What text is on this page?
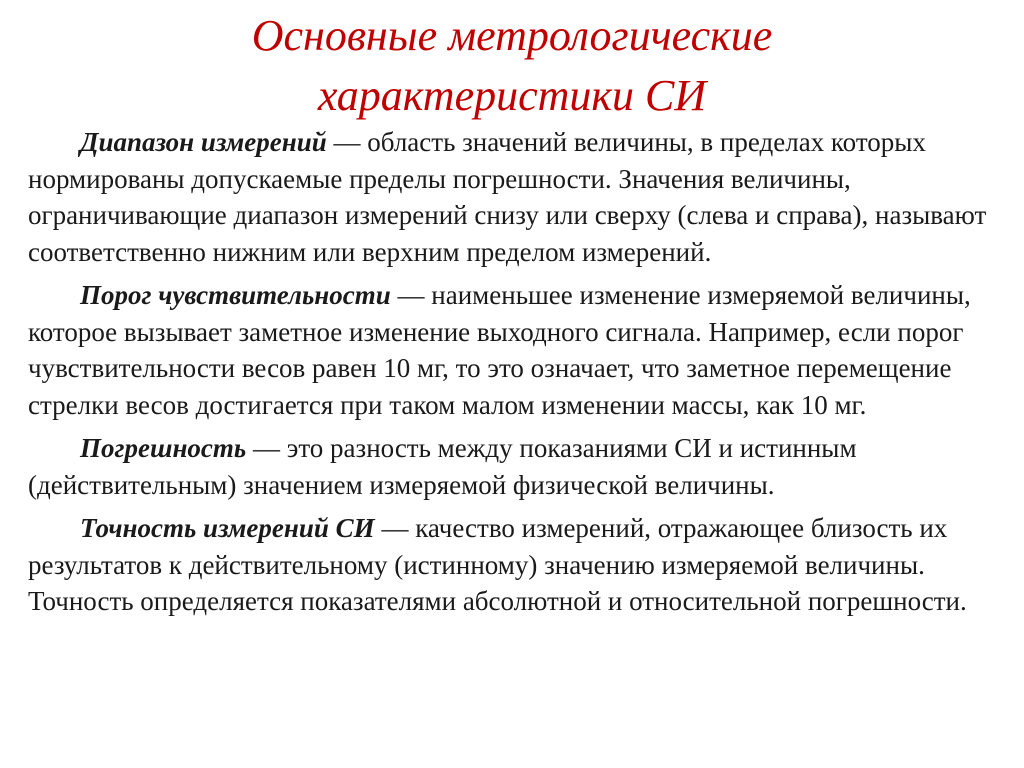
Основные метрологические
характеристики СИ

Диапазон измерений — область значений величины, в пределах которых нормированы допускаемые пределы погрешности. Значения величины, ограничивающие диапазон измерений снизу или сверху (слева и справа), называют соответственно нижним или верхним пределом измерений.

Порог чувствительности — наименьшее изменение измеряемой величины, которое вызывает заметное изменение выходного сигнала. Например, если порог чувствительности весов равен 10 мг, то это означает, что заметное перемещение стрелки весов достигается при таком малом изменении массы, как 10 мг.

Погрешность — это разность между показаниями СИ и истинным (действительным) значением измеряемой физической величины.

Точность измерений СИ — качество измерений, отражающее близость их результатов к действительному (истинному) значению измеряемой величины. Точность определяется показателями абсолютной и относительной погрешности.
